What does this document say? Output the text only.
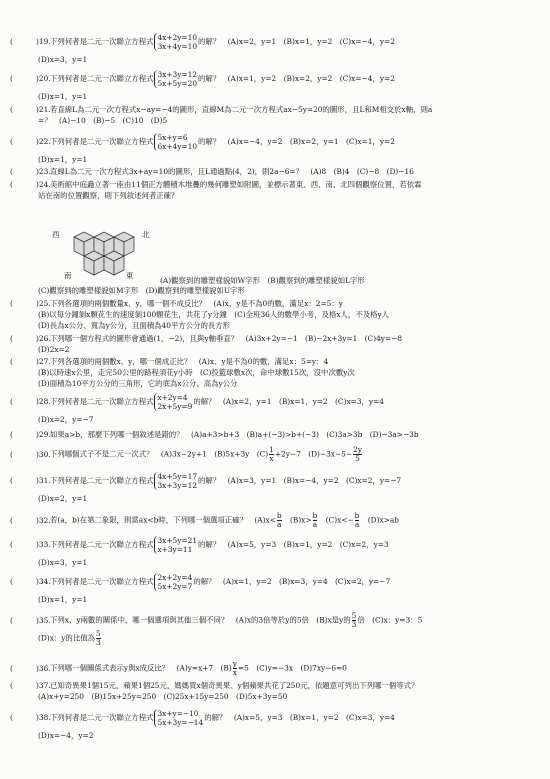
(	)19.下列何者是二元一次聯立方程式 4x+2y=10
3x+4y=10
的解？　 (A)x=2，y=1　(B)x=1，y=2　(C)x=−4，y=2
(D)x=3，y=1
(	)20.下列何者是二元一次聯立方程式 3x+3y=12
5x+5y=20
的解？　 (A)x=1，y=2　(B)x=2，y=2　(C)x=−4，y=2
(D)x=1，y=1
(	)21.若直線L為二元一次方程式x−ay=−4的圖形，直線M為二元一次方程式ax−5y=20的圖形，且L和M相交於x軸，則a
=？　(A)−10　(B)−5　(C)10　(D)5
(	)22.下列何者是二元一次聯立方程式 5x+y=6
6x+4y=10
的解？　 (A)x=−4，y=2　(B)x=2，y=1　(C)x=1，y=2
(D)x=1，y=1
(	)23.直線L為二元一次方程式3x+ay=10的圖形，且L通過點(4，2)，則2a−6=？　(A)8　(B)4　(C)−8　(D)−16
(	)24.美術館中庭矗立著一座由11個正方體積木堆疊的幾何雕塑如附圖，並標示著東、西、南、北四個觀察位置，若依霖
站在南的位置觀察，則下列敘述何者正確？
西	北
南	東
(A)觀察到的雕塑樣貌如W字形　(B)觀察到的雕塑樣貌如L字形
(C)觀察到的雕塑樣貌如M字形　(D)觀察到的雕塑樣貌如U字形
(	)25.下列各選項的兩個數量x、y，哪一個不成反比？　(A)x、y是不為0的數，滿足x：2=5：y
(B)以每分鐘剝x顆花生的速度剝100顆花生，共花了y分鐘　(C)全班36人的數學小考，及格x人，不及格y人
(D)長為x公分、寬為y公分，且面積為40平方公分的長方形
(	)26.下列哪一個方程式的圖形會通過(1，−2)，且與y軸垂直？　(A)3x+2y=−1　(B)−2x+3y=1　(C)4y=−8
(D)2x=2
(	)27.下列各選項的兩個數x、y，哪一個成正比？　(A)x、y是不為0的數，滿足x：5=y：4
(B)以時速x公里，走完50公里的路程須花y小時　(C)投籃球數x次，命中球數15次，沒中次數y次
(D)面積為10平方公分的三角形，它的底為x公分、高為y公分
(	)28.下列何者是二元一次聯立方程式 x+2y=4
2x+5y=9
的解？　 (A)x=2，y=1　(B)x=1，y=2　(C)x=3，y=4
(D)x=2，y=−7
(	)29.如果a>b，那麼下列哪一個敘述是錯的？　(A)a+3>b+3　(B)a+(−3)>b+(−3)　(C)3a>3b　(D)−3a>−3b
(	)30.下列哪個式子不是二元一次式？　(A)3x−2y+1　(B)5x+3y　$(C) \frac{1}{x} +2y-7$　$(D)-3x-5- \frac{2y}{5}$
(	)31.下列何者是二元一次聯立方程式 4x+5y=17
3x+3y=12
的解？　 (A)x=3，y=1　(B)x=−4，y=2　(C)x=2，y=−7
(D)x=2，y=1
(	)32.若(a，b)在第二象限，則當ax<b時，下列哪一個選項正確？　$(A)x< \frac{b}{a}$ 　$(B)x> \frac{b}{a}$ 　$(C)x<- \frac{b}{a}$ 　(D)x>ab
(	)33.下列何者是二元一次聯立方程式 3x+5y=21
x+3y=11
的解？　 (A)x=5，y=3　(B)x=1，y=2　(C)x=2，y=3
(D)x=3，y=1
(	)34.下列何者是二元一次聯立方程式 2x+2y=4
5x+2y=7
的解？　 (A)x=1，y=2　(B)x=3，y=4　(C)x=2，y=−7
(D)x=1，y=1
(	)35.下列x、y兩數的關係中，哪一個選項與其他三個不同？　(A)x的3倍等於y的5倍　(B)x是y的 $\frac{5}{3}$ 倍　(C)x：y=3：5
(D)x：y的比值為 $\frac{5}{3}$
(	)36.下列哪一個關係式表示y與x成反比？　(A)y=x+7　$(B) \frac{y}{x} =5$　(C)y=−3x　(D)7xy−6=0
(	)37.已知奇異果1個15元，蘋果1個25元，媽媽買x個奇異果、y個蘋果共花了250元，依題意可列出下列哪一個等式？
(A)x+y=250　(B)15x+25y=250　(C)25x+15y=250　(D)5x+3y=50
(	)38.下列何者是二元一次聯立方程式 3x+y=−10
5x+3y=−14
的解？　 (A)x=5，y=3　(B)x=1，y=2　(C)x=3，y=4
(D)x=−4，y=2
